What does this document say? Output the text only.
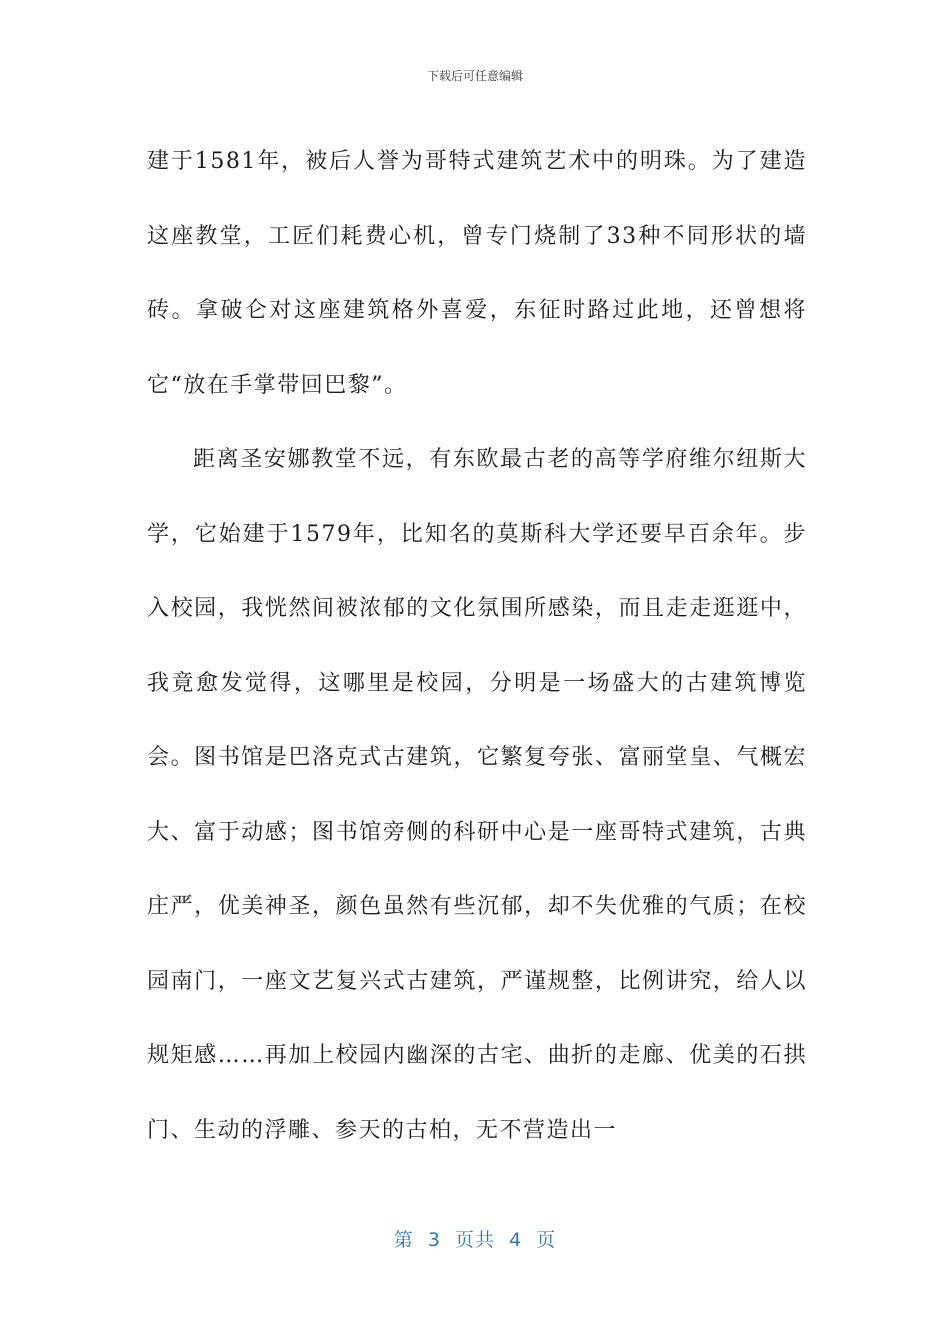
下载后可任意编辑

建于1581年，被后人誉为哥特式建筑艺术中的明珠。为了建造这座教堂，工匠们耗费心机，曾专门烧制了33种不同形状的墙砖。拿破仑对这座建筑格外喜爱，东征时路过此地，还曾想将它“放在手掌带回巴黎”。

距离圣安娜教堂不远，有东欧最古老的高等学府维尔纽斯大学，它始建于1579年，比知名的莫斯科大学还要早百余年。步入校园，我恍然间被浓郁的文化氛围所感染，而且走走逛逛中，我竟愈发觉得，这哪里是校园，分明是一场盛大的古建筑博览会。图书馆是巴洛克式古建筑，它繁复夸张、富丽堂皇、气概宏大、富于动感；图书馆旁侧的科研中心是一座哥特式建筑，古典庄严，优美神圣，颜色虽然有些沉郁，却不失优雅的气质；在校园南门，一座文艺复兴式古建筑，严谨规整，比例讲究，给人以规矩感……再加上校园内幽深的古宅、曲折的走廊、优美的石拱门、生动的浮雕、参天的古柏，无不营造出一

第  3  页共  4  页
